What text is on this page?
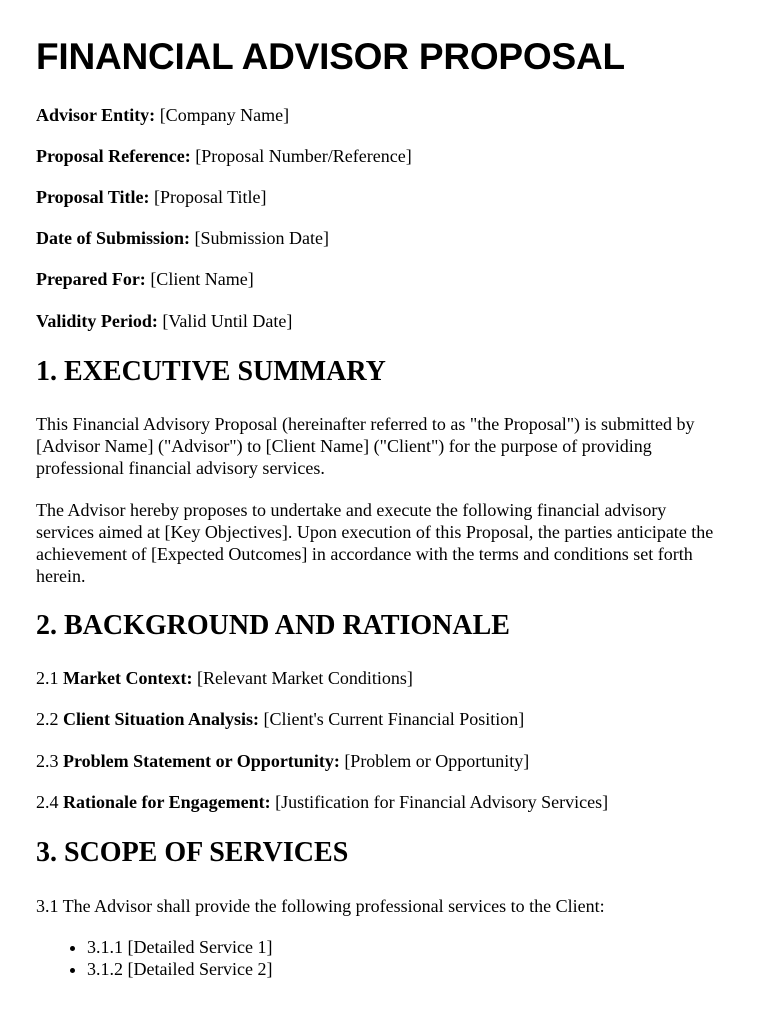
FINANCIAL ADVISOR PROPOSAL

Advisor Entity: [Company Name]

Proposal Reference: [Proposal Number/Reference]

Proposal Title: [Proposal Title]

Date of Submission: [Submission Date]

Prepared For: [Client Name]

Validity Period: [Valid Until Date]

1. EXECUTIVE SUMMARY

This Financial Advisory Proposal (hereinafter referred to as "the Proposal") is submitted by [Advisor Name] ("Advisor") to [Client Name] ("Client") for the purpose of providing professional financial advisory services.

The Advisor hereby proposes to undertake and execute the following financial advisory services aimed at [Key Objectives]. Upon execution of this Proposal, the parties anticipate the achievement of [Expected Outcomes] in accordance with the terms and conditions set forth herein.

2. BACKGROUND AND RATIONALE

2.1 Market Context: [Relevant Market Conditions]

2.2 Client Situation Analysis: [Client's Current Financial Position]

2.3 Problem Statement or Opportunity: [Problem or Opportunity]

2.4 Rationale for Engagement: [Justification for Financial Advisory Services]

3. SCOPE OF SERVICES

3.1 The Advisor shall provide the following professional services to the Client:

• 3.1.1 [Detailed Service 1]
• 3.1.2 [Detailed Service 2]
